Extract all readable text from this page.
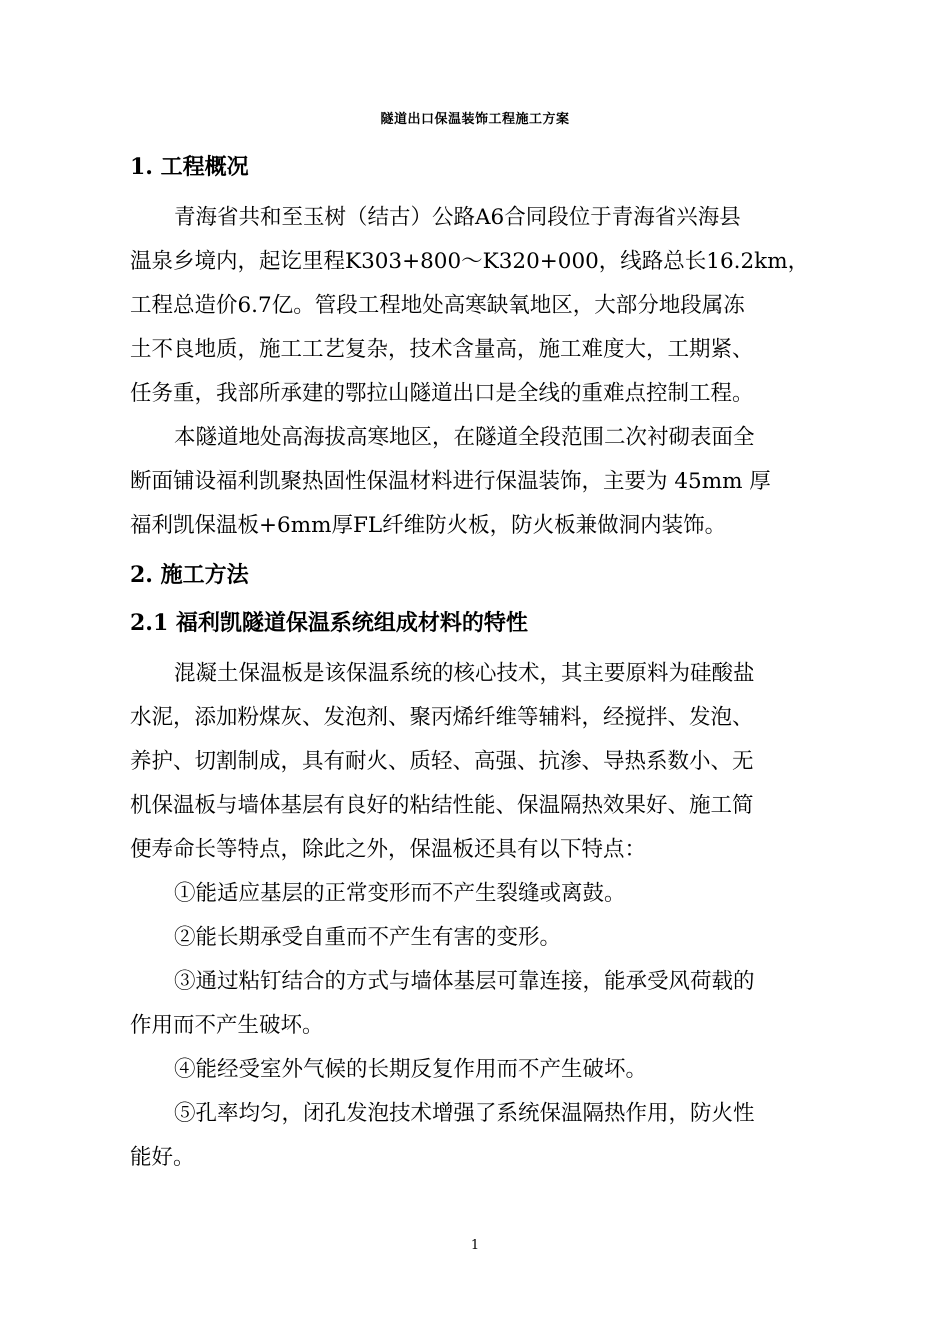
隧道出口保温装饰工程施工方案
1. 工程概况
青海省共和至玉树（结古）公路A6合同段位于青海省兴海县
温泉乡境内，起讫里程K303+800～K320+000，线路总长16.2km，
工程总造价6.7亿。管段工程地处高寒缺氧地区，大部分地段属冻
土不良地质，施工工艺复杂，技术含量高，施工难度大，工期紧、
任务重，我部所承建的鄂拉山隧道出口是全线的重难点控制工程。
本隧道地处高海拔高寒地区，在隧道全段范围二次衬砌表面全
断面铺设福利凯聚热固性保温材料进行保温装饰，主要为 45mm 厚
福利凯保温板+6mm厚FL纤维防火板，防火板兼做洞内装饰。
2. 施工方法
2.1 福利凯隧道保温系统组成材料的特性
混凝土保温板是该保温系统的核心技术，其主要原料为硅酸盐
水泥，添加粉煤灰、发泡剂、聚丙烯纤维等辅料，经搅拌、发泡、
养护、切割制成，具有耐火、质轻、高强、抗渗、导热系数小、无
机保温板与墙体基层有良好的粘结性能、保温隔热效果好、施工简
便寿命长等特点，除此之外，保温板还具有以下特点：
①能适应基层的正常变形而不产生裂缝或离鼓。
②能长期承受自重而不产生有害的变形。
③通过粘钉结合的方式与墙体基层可靠连接，能承受风荷载的
作用而不产生破坏。
④能经受室外气候的长期反复作用而不产生破坏。
⑤孔率均匀，闭孔发泡技术增强了系统保温隔热作用，防火性
能好。
1
